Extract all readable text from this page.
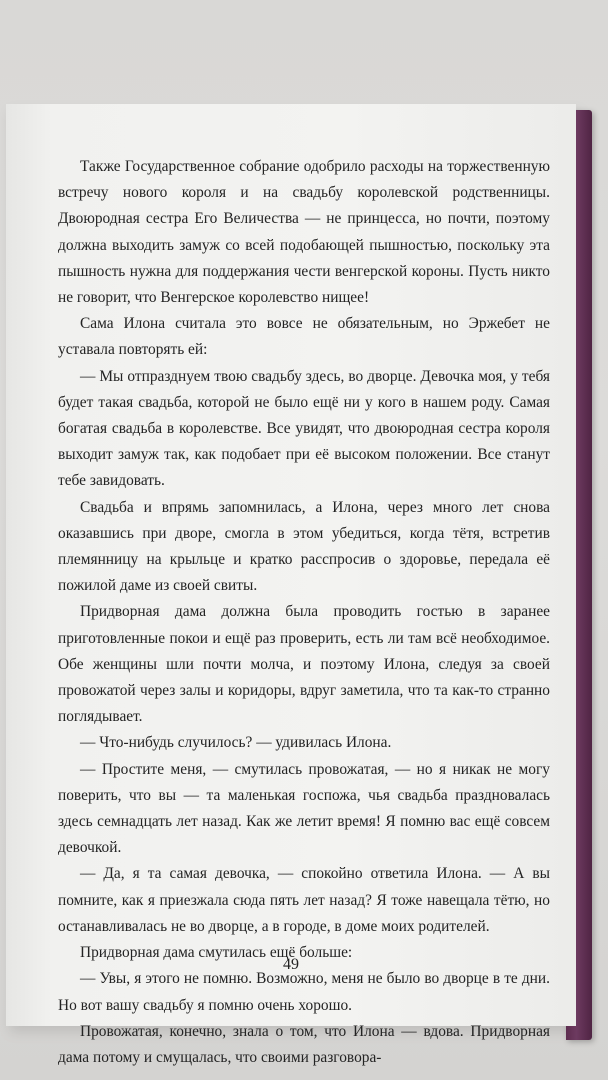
Также Государственное собрание одобрило расходы на торжественную встречу нового короля и на свадьбу королевской родственницы. Двоюродная сестра Его Величества — не принцесса, но почти, поэтому должна выходить замуж со всей подобающей пышностью, поскольку эта пышность нужна для поддержания чести венгерской короны. Пусть никто не говорит, что Венгерское королевство нищее!

Сама Илона считала это вовсе не обязательным, но Эржебет не уставала повторять ей:

— Мы отпразднуем твою свадьбу здесь, во дворце. Девочка моя, у тебя будет такая свадьба, которой не было ещё ни у кого в нашем роду. Самая богатая свадьба в королевстве. Все увидят, что двоюродная сестра короля выходит замуж так, как подобает при её высоком положении. Все станут тебе завидовать.

Свадьба и впрямь запомнилась, а Илона, через много лет снова оказавшись при дворе, смогла в этом убедиться, когда тётя, встретив племянницу на крыльце и кратко расспросив о здоровье, передала её пожилой даме из своей свиты.

Придворная дама должна была проводить гостью в заранее приготовленные покои и ещё раз проверить, есть ли там всё необходимое. Обе женщины шли почти молча, и поэтому Илона, следуя за своей провожатой через залы и коридоры, вдруг заметила, что та как-то странно поглядывает.

— Что-нибудь случилось? — удивилась Илона.

— Простите меня, — смутилась провожатая, — но я никак не могу поверить, что вы — та маленькая госпожа, чья свадьба праздновалась здесь семнадцать лет назад. Как же летит время! Я помню вас ещё совсем девочкой.

— Да, я та самая девочка, — спокойно ответила Илона. — А вы помните, как я приезжала сюда пять лет назад? Я тоже навещала тётю, но останавливалась не во дворце, а в городе, в доме моих родителей.

Придворная дама смутилась ещё больше:

— Увы, я этого не помню. Возможно, меня не было во дворце в те дни. Но вот вашу свадьбу я помню очень хорошо.

Провожатая, конечно, знала о том, что Илона — вдова. Придворная дама потому и смущалась, что своими разговора-

49
